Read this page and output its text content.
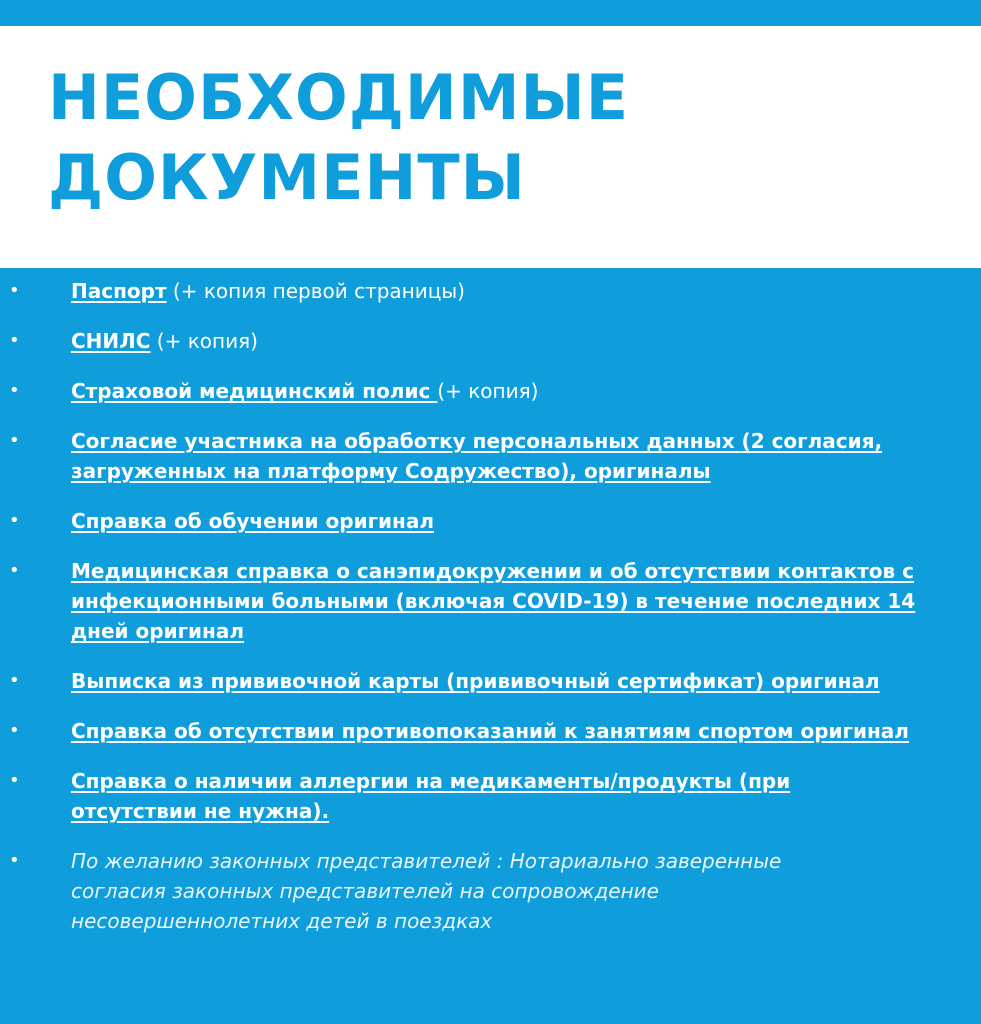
НЕОБХОДИМЫЕ
ДОКУМЕНТЫ
•	Паспорт (+ копия первой страницы)
•	СНИЛС (+ копия)
•	Страховой медицинский полис (+ копия)
•	Согласие участника на обработку персональных данных (2 согласия,
загруженных на платформу Содружество), оригиналы
•	Справка об обучении оригинал
•	Медицинская справка о санэпидокружении и об отсутствии контактов с
инфекционными больными (включая COVID-19) в течение последних 14
дней оригинал
•	Выписка из прививочной карты (прививочный сертификат) оригинал
•	Справка об отсутствии противопоказаний к занятиям спортом оригинал
•	Справка о наличии аллергии на медикаменты/продукты (при
отсутствии не нужна).
•	По желанию законных представителей : Нотариально заверенные
согласия законных представителей на сопровождение
несовершеннолетних детей в поездках
